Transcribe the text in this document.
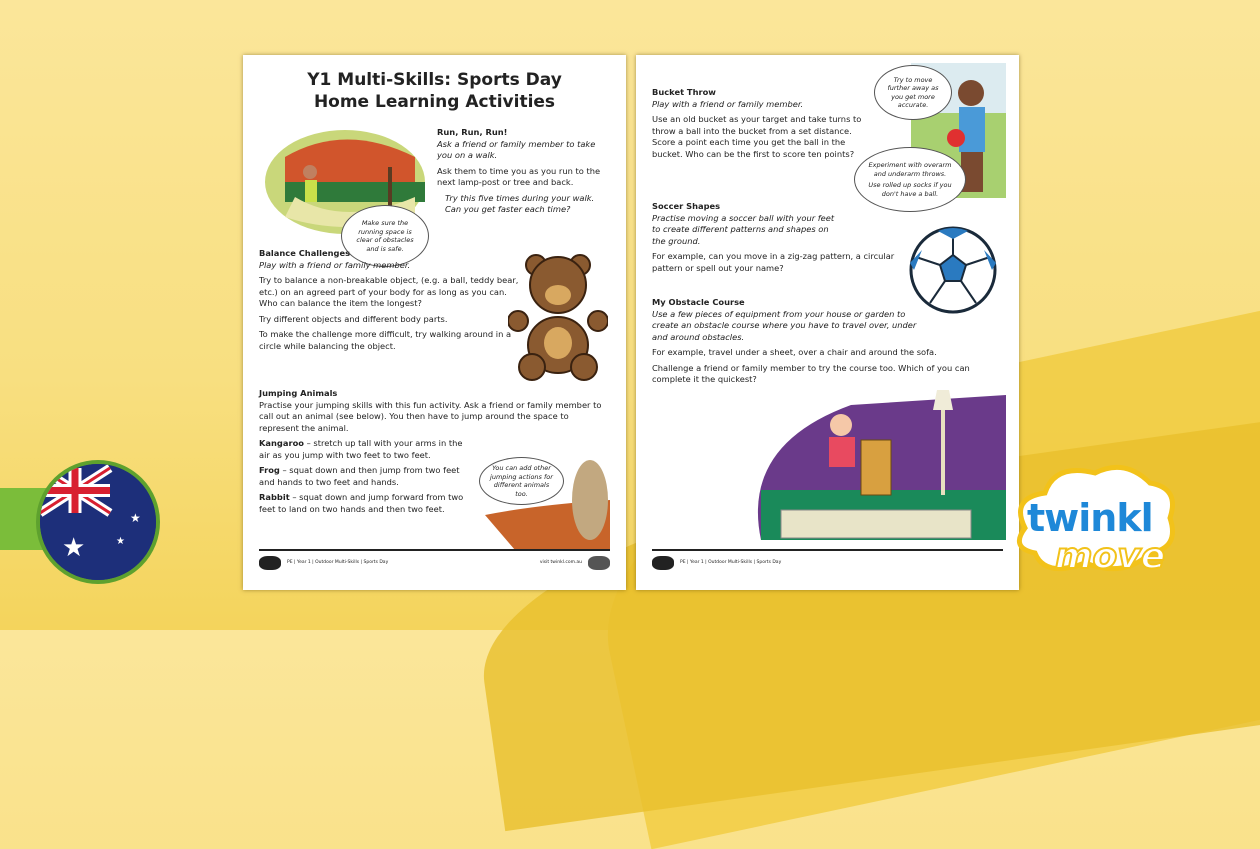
Y1 Multi-Skills: Sports Day
Home Learning Activities
Make sure the running space is clear of obstacles and is safe.
Run, Run, Run!

Ask a friend or family member to take you on a walk.

Ask them to time you as you run to the next lamp-post or tree and back.

Try this five times during your walk. Can you get faster each time?

Balance Challenges

Play with a friend or family member.

Try to balance a non-breakable object, (e.g. a ball, teddy bear, etc.) on an agreed part of your body for as long as you can. Who can balance the item the longest?

Try different objects and different body parts.

To make the challenge more difficult, try walking around in a circle while balancing the object.

Jumping Animals

Practise your jumping skills with this fun activity. Ask a friend or family member to call out an animal (see below). You then have to jump around the space to represent the animal.

Kangaroo – stretch up tall with your arms in the air as you jump with two feet to two feet.

Frog – squat down and then jump from two feet and hands to two feet and hands.

Rabbit – squat down and jump forward from two feet to land on two hands and then two feet.

You can add other jumping actions for different animals too.
PE | Year 1 | Outdoor Multi-Skills | Sports Day	visit twinkl.com.au
Bucket Throw

Play with a friend or family member.

Use an old bucket as your target and take turns to throw a ball into the bucket from a set distance. Score a point each time you get the ball in the bucket. Who can be the first to score ten points?

Try to move further away as you get more accurate.
Experiment with overarm and underarm throws.
Use rolled up socks if you don't have a ball.
Soccer Shapes

Practise moving a soccer ball with your feet to create different patterns and shapes on the ground.

For example, can you move in a zig-zag pattern, a circular pattern or spell out your name?

My Obstacle Course

Use a few pieces of equipment from your house or garden to create an obstacle course where you have to travel over, under and around obstacles.

For example, travel under a sheet, over a chair and around the sofa.

Challenge a friend or family member to try the course too. Which of you can complete it the quickest?

PE | Year 1 | Outdoor Multi-Skills | Sports Day
★
★
★
twinkl
move
